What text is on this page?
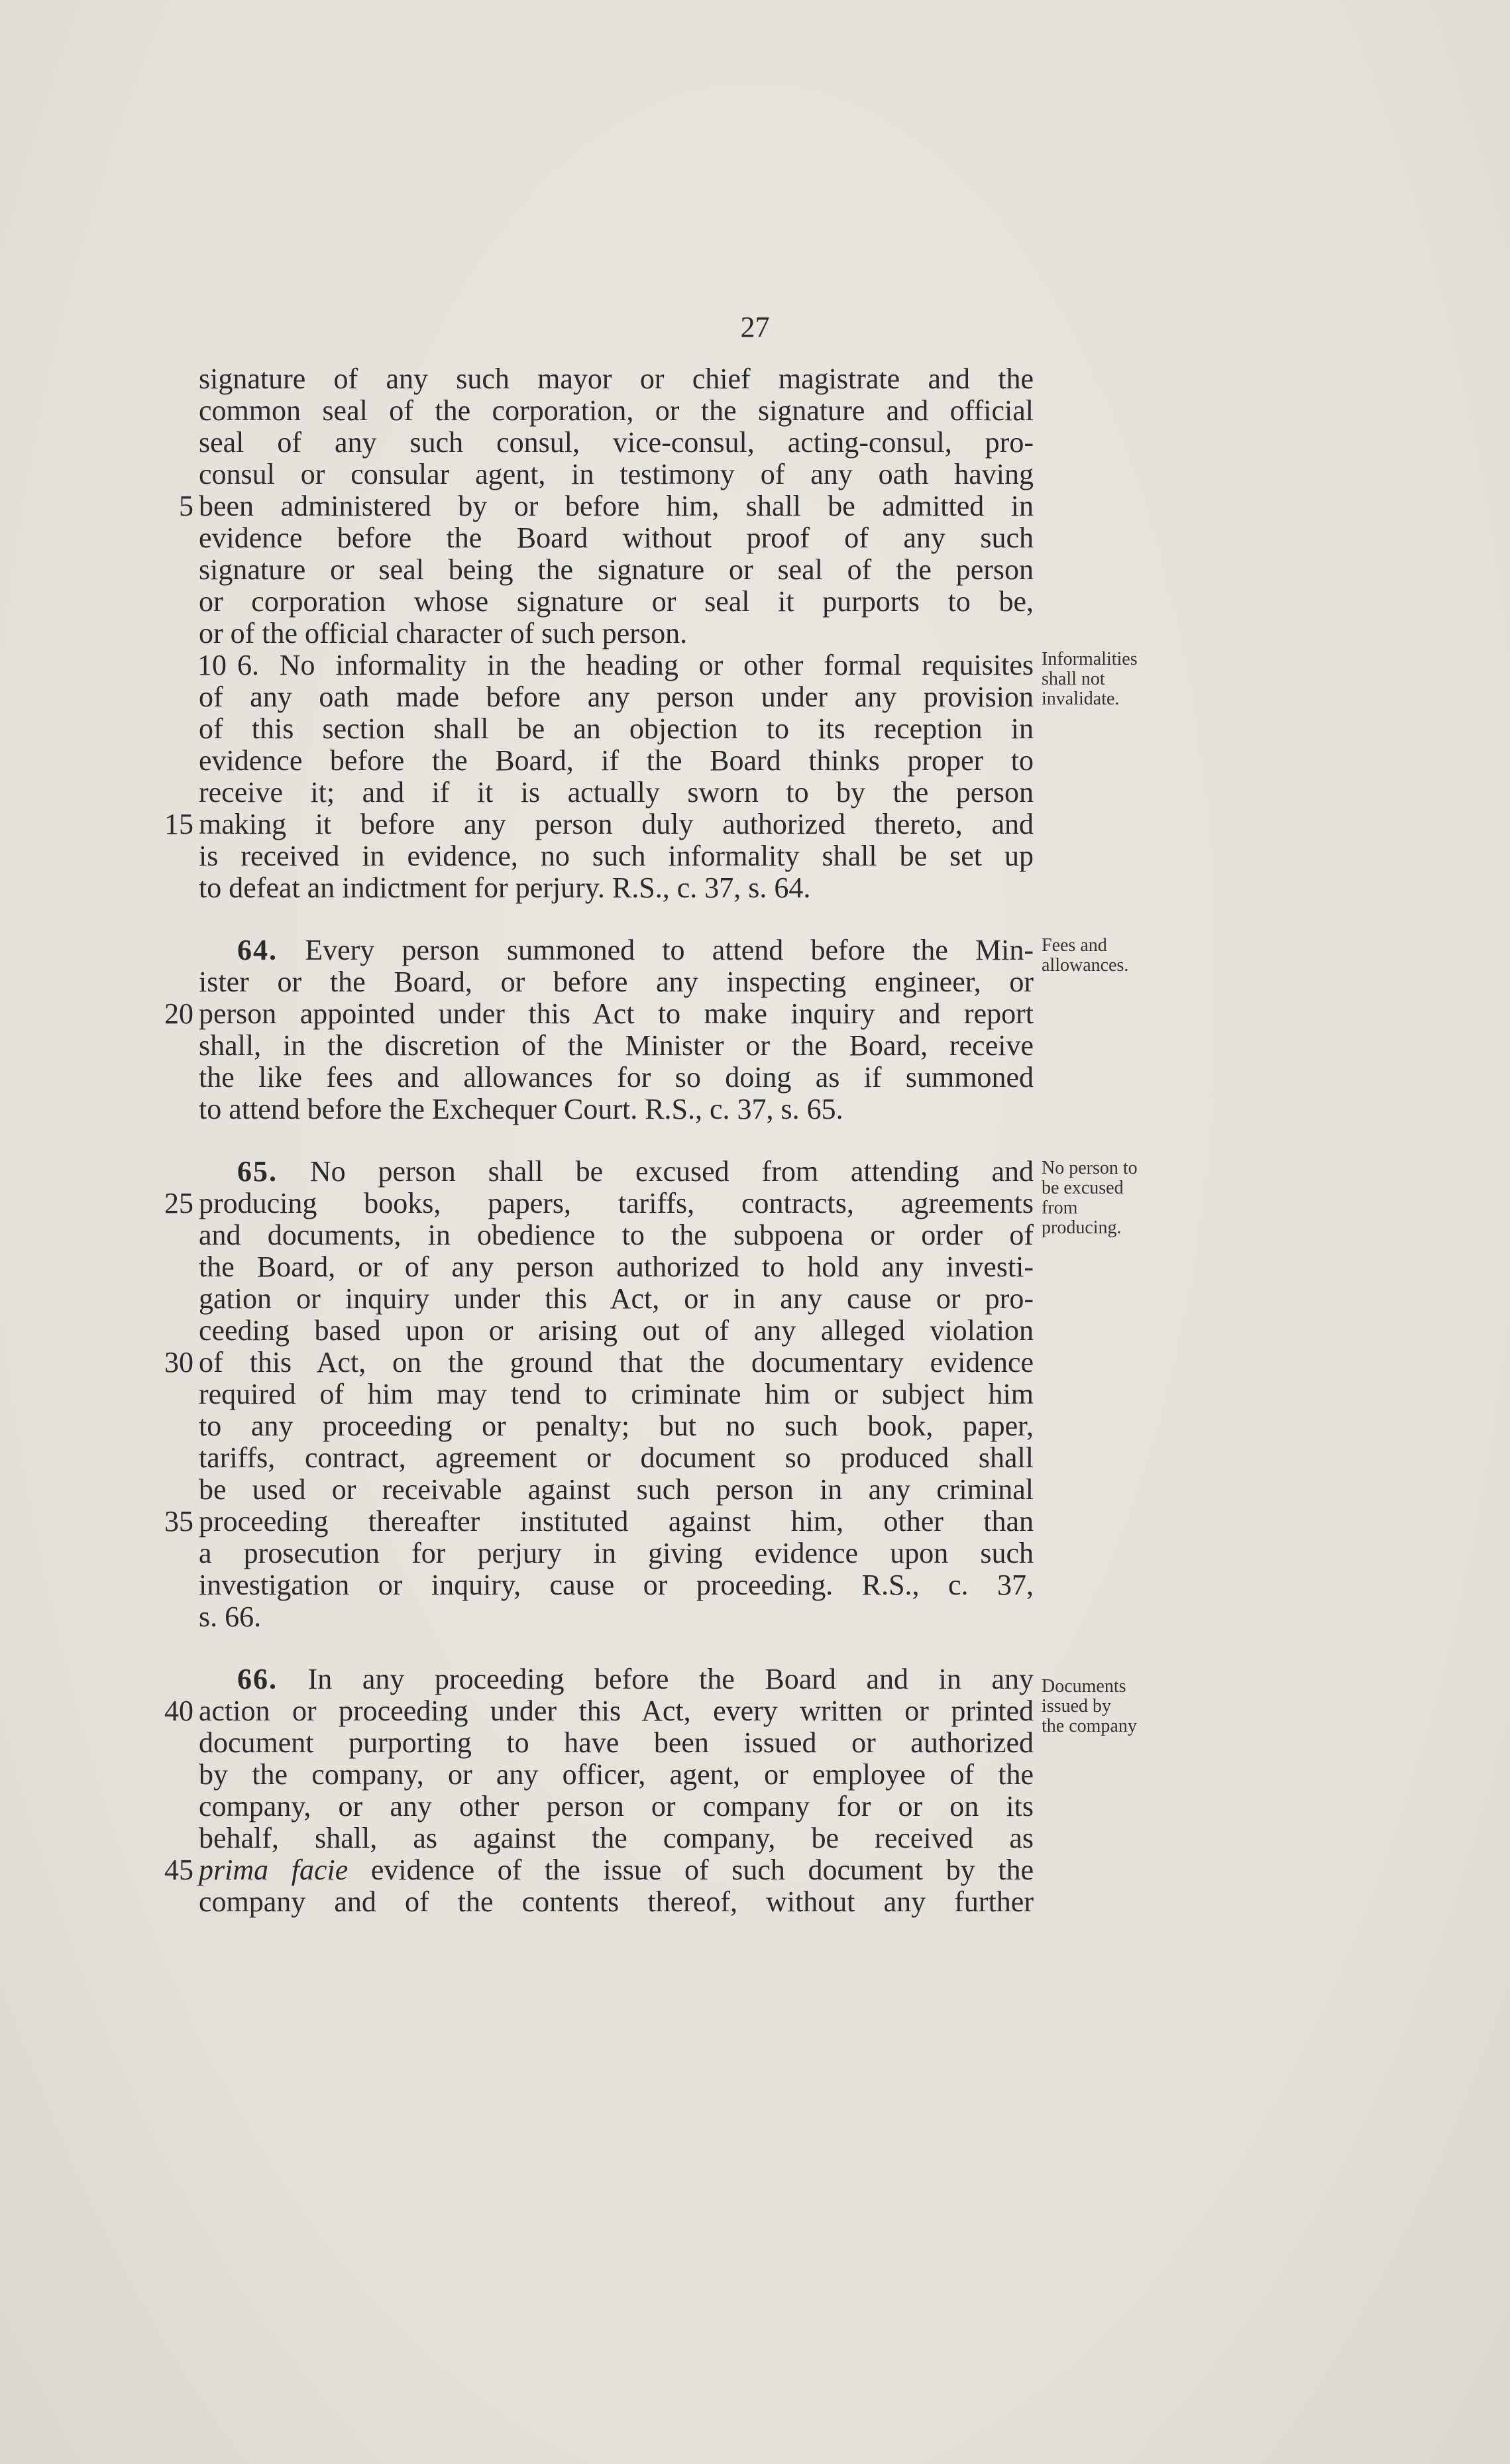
27
signature of any such mayor or chief magistrate and the
common seal of the corporation, or the signature and official
seal of any such consul, vice-consul, acting-consul, pro-
consul or consular agent, in testimony of any oath having
5 been administered by or before him, shall be admitted in
evidence before the Board without proof of any such
signature or seal being the signature or seal of the person
or corporation whose signature or seal it purports to be,
or of the official character of such person.
10 6. No informality in the heading or other formal requisites
of any oath made before any person under any provision
of this section shall be an objection to its reception in
evidence before the Board, if the Board thinks proper to
receive it; and if it is actually sworn to by the person
15 making it before any person duly authorized thereto, and
is received in evidence, no such informality shall be set up
to defeat an indictment for perjury. R.S., c. 37, s. 64.
64. Every person summoned to attend before the Min-
ister or the Board, or before any inspecting engineer, or
20 person appointed under this Act to make inquiry and report
shall, in the discretion of the Minister or the Board, receive
the like fees and allowances for so doing as if summoned
to attend before the Exchequer Court. R.S., c. 37, s. 65.
65. No person shall be excused from attending and
25 producing books, papers, tariffs, contracts, agreements
and documents, in obedience to the subpoena or order of
the Board, or of any person authorized to hold any investi-
gation or inquiry under this Act, or in any cause or pro-
ceeding based upon or arising out of any alleged violation
30 of this Act, on the ground that the documentary evidence
required of him may tend to criminate him or subject him
to any proceeding or penalty; but no such book, paper,
tariffs, contract, agreement or document so produced shall
be used or receivable against such person in any criminal
35 proceeding thereafter instituted against him, other than
a prosecution for perjury in giving evidence upon such
investigation or inquiry, cause or proceeding. R.S., c. 37,
s. 66.
66. In any proceeding before the Board and in any
40 action or proceeding under this Act, every written or printed
document purporting to have been issued or authorized
by the company, or any officer, agent, or employee of the
company, or any other person or company for or on its
behalf, shall, as against the company, be received as
45 prima facie evidence of the issue of such document by the
company and of the contents thereof, without any further
Informalities
shall not
invalidate.
Fees and
allowances.
No person to
be excused
from
producing.
Documents
issued by
the company
